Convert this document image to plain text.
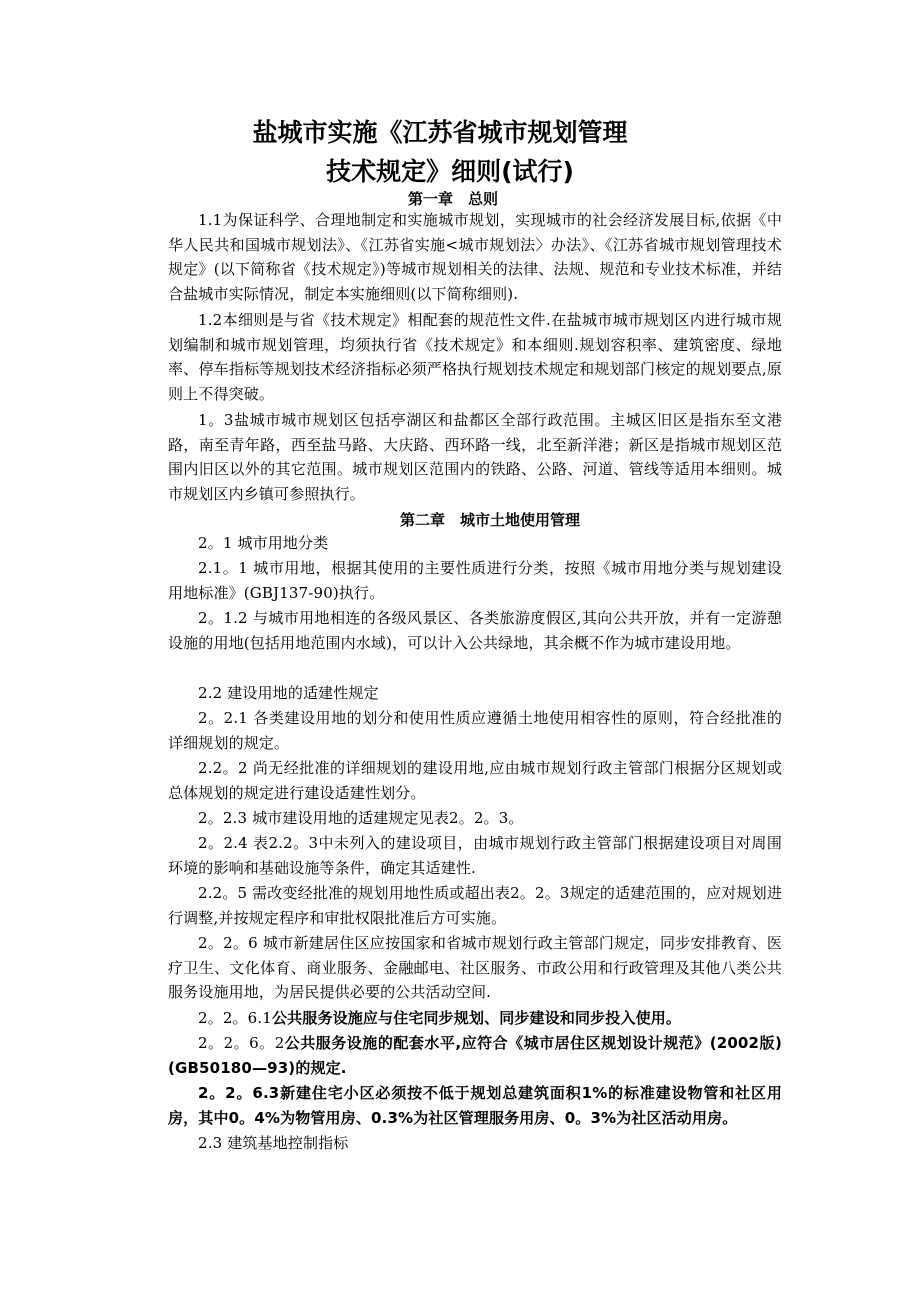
盐城市实施《江苏省城市规划管理
技术规定》细则(试行)
第一章　总则
1.1为保证科学、合理地制定和实施城市规划，实现城市的社会经济发展目标,依据《中华人民共和国城市规划法》、《江苏省实施<城市规划法〉办法》、《江苏省城市规划管理技术规定》(以下简称省《技术规定》)等城市规划相关的法律、法规、规范和专业技术标准，并结合盐城市实际情况，制定本实施细则(以下简称细则).
1.2本细则是与省《技术规定》相配套的规范性文件.在盐城市城市规划区内进行城市规划编制和城市规划管理，均须执行省《技术规定》和本细则.规划容积率、建筑密度、绿地率、停车指标等规划技术经济指标必须严格执行规划技术规定和规划部门核定的规划要点,原则上不得突破。
1。3盐城市城市规划区包括亭湖区和盐都区全部行政范围。主城区旧区是指东至文港路，南至青年路，西至盐马路、大庆路、西环路一线，北至新洋港；新区是指城市规划区范围内旧区以外的其它范围。城市规划区范围内的铁路、公路、河道、管线等适用本细则。城市规划区内乡镇可参照执行。
第二章　城市土地使用管理
2。1 城市用地分类
2.1。1 城市用地，根据其使用的主要性质进行分类，按照《城市用地分类与规划建设用地标准》(GBJ137-90)执行。
2。1.2 与城市用地相连的各级风景区、各类旅游度假区,其向公共开放，并有一定游憩设施的用地(包括用地范围内水域)，可以计入公共绿地，其余概不作为城市建设用地。
2.2 建设用地的适建性规定
2。2.1 各类建设用地的划分和使用性质应遵循土地使用相容性的原则，符合经批准的详细规划的规定。
2.2。2 尚无经批准的详细规划的建设用地,应由城市规划行政主管部门根据分区规划或总体规划的规定进行建设适建性划分。
2。2.3 城市建设用地的适建规定见表2。2。3。
2。2.4 表2.2。3中未列入的建设项目，由城市规划行政主管部门根据建设项目对周围环境的影响和基础设施等条件，确定其适建性.
2.2。5 需改变经批准的规划用地性质或超出表2。2。3规定的适建范围的，应对规划进行调整,并按规定程序和审批权限批准后方可实施。
2。2。6 城市新建居住区应按国家和省城市规划行政主管部门规定，同步安排教育、医疗卫生、文化体育、商业服务、金融邮电、社区服务、市政公用和行政管理及其他八类公共服务设施用地，为居民提供必要的公共活动空间.
2。2。6.1公共服务设施应与住宅同步规划、同步建设和同步投入使用。
2。2。6。2公共服务设施的配套水平,应符合《城市居住区规划设计规范》(2002版)(GB50180—93)的规定.
2。2。6.3新建住宅小区必须按不低于规划总建筑面积1%的标准建设物管和社区用房，其中0。4%为物管用房、0.3%为社区管理服务用房、0。3%为社区活动用房。
2.3 建筑基地控制指标
